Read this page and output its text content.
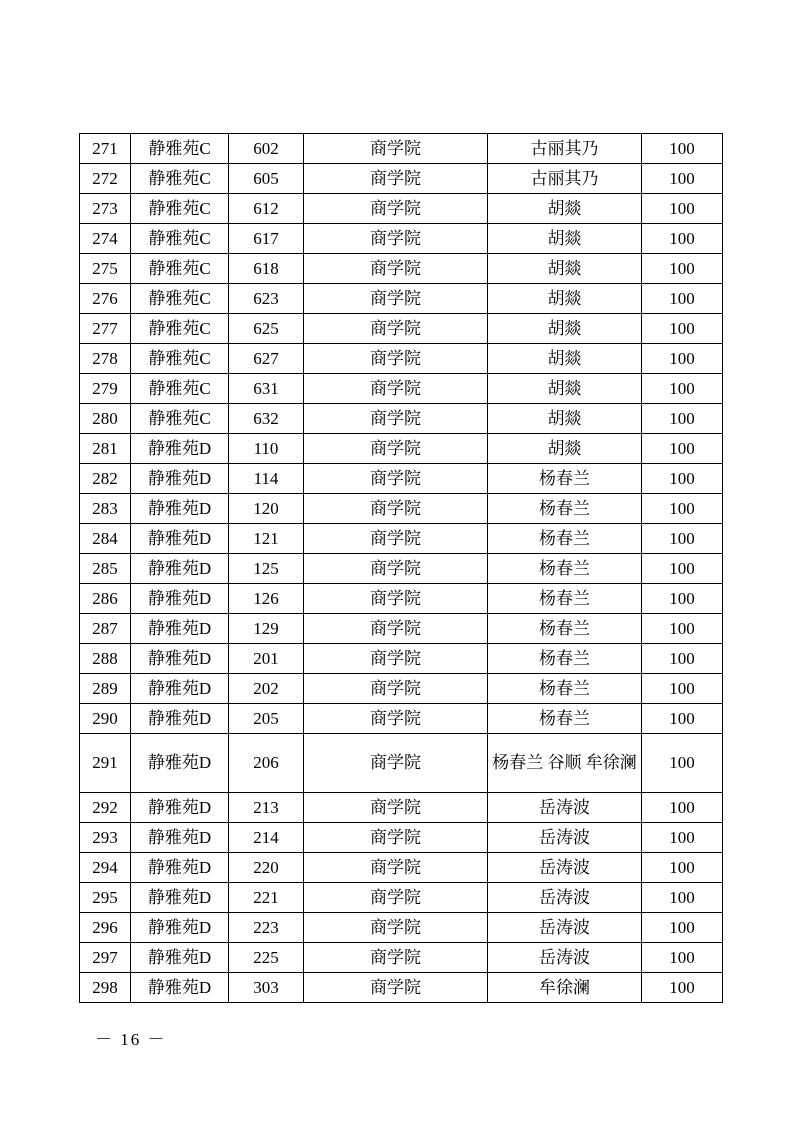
271	静雅苑C	602	商学院	古丽其乃	100
272	静雅苑C	605	商学院	古丽其乃	100
273	静雅苑C	612	商学院	胡燚	100
274	静雅苑C	617	商学院	胡燚	100
275	静雅苑C	618	商学院	胡燚	100
276	静雅苑C	623	商学院	胡燚	100
277	静雅苑C	625	商学院	胡燚	100
278	静雅苑C	627	商学院	胡燚	100
279	静雅苑C	631	商学院	胡燚	100
280	静雅苑C	632	商学院	胡燚	100
281	静雅苑D	110	商学院	胡燚	100
282	静雅苑D	114	商学院	杨春兰	100
283	静雅苑D	120	商学院	杨春兰	100
284	静雅苑D	121	商学院	杨春兰	100
285	静雅苑D	125	商学院	杨春兰	100
286	静雅苑D	126	商学院	杨春兰	100
287	静雅苑D	129	商学院	杨春兰	100
288	静雅苑D	201	商学院	杨春兰	100
289	静雅苑D	202	商学院	杨春兰	100
290	静雅苑D	205	商学院	杨春兰	100
291	静雅苑D	206	商学院	杨春兰 谷顺 牟徐澜	100
292	静雅苑D	213	商学院	岳涛波	100
293	静雅苑D	214	商学院	岳涛波	100
294	静雅苑D	220	商学院	岳涛波	100
295	静雅苑D	221	商学院	岳涛波	100
296	静雅苑D	223	商学院	岳涛波	100
297	静雅苑D	225	商学院	岳涛波	100
298	静雅苑D	303	商学院	牟徐澜	100
－ 16 －
